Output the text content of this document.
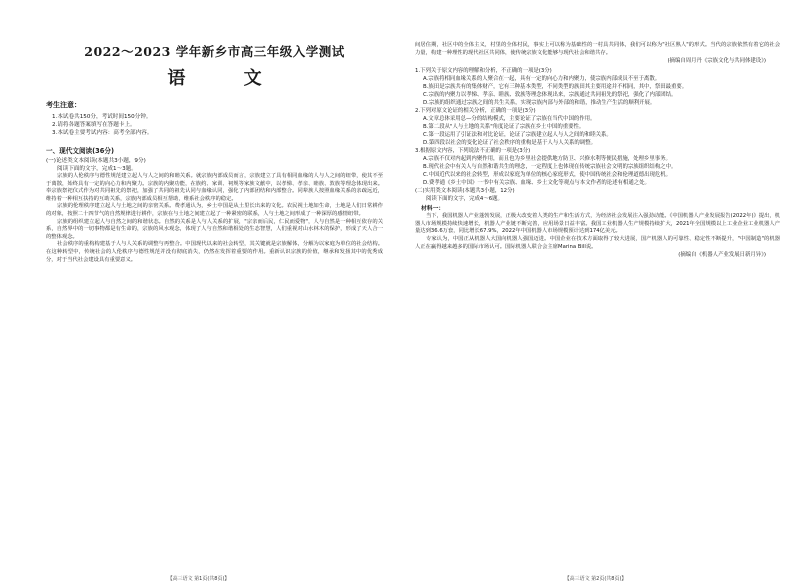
2022～2023 学年新乡市高三年级入学测试
语 文

考生注意：

1.本试卷共150分，考试时间150分钟。

2.请将各题答案填写在答题卡上。

3.本试卷主要考试内容：高考全部内容。

一、现代文阅读(36分)

(一)论述类文本阅读(本题共3小题，9分)

阅读下面的文字，完成1～3题。

宗族的人伦秩序与德性规范建立起人与人之间的和睦关系。就宗族内部成员而言，宗族建立了具有相同血缘的人与人之间的纽带，使其不至于离散，始终具有一定的向心力和内聚力。宗族的内聚功能，在族约、家训、祠规等家族文献中，以孝悌、孝亲、睦族、敦族等理念体现出来。奉宗族祭祀仪式作为对共同祖先的祭祀，加强了共同的祖先认同与血缘认同，强化了内部团结和内部整合。同辈族人按照血缘关系的亲疏远近，维持着一种相互扶持的互助关系，宗族内部成员相互帮助，维系社会秩序的稳定。

宗族的伦理秩序建立起人与土地之间的亲密关系。费孝通认为，乡土中国是从土里长出来的文化。农民视土地如生命，土地是人们日常耕作的对象，按照二十四节气的自然规律进行耕作，宗族在与土地之间建立起了一种紧密的联系，人与土地之间形成了一种深厚的感情纽带。

宗族的组织建立起人与自然之间的和谐状态。自然的关系是人与人关系的扩展，"宗亲而后民，仁民而爱物"，人与自然是一种相互依存的关系，自然界中的一切事物都是有生命的，宗族的风水观念，体现了人与自然和谐相处的生态智慧，人们重视对山水林木的保护，形成了天人合一的整体观念。

社会秩序的重构构建基于人与人关系的调整与再整合。中国现代以来的社会转型，其关键就是宗族解体，分解为以家庭为单位的社会结构。在这种转型中，传统社会的人伦秩序与德性规范并没有彻底消失，仍然在发挥着重要的作用。重新认识宗族的价值，继承和发扬其中的优秀成分，对于当代社会建设具有重要意义。

【高三语文 第1页(共8页)】

间居住期，社区中的全体主义，村里的全体村民，事实上可以称为基础性的一村具共同体，我们可以称为"社区熟人"的形式。当代的宗族依然有着它的社会力量，构建一种理性的现代社区共同体，使传统宗族文化能够与现代社会和谐共存。

(摘编自周月丹《宗族文化与共同体建设》)

1.下列关于原文内容的理解和分析，不正确的一项是(3分)

A.宗族将相同血缘关系的人聚合在一起，具有一定的向心力和内聚力，使宗族内部成员不至于离散。

B.族田是宗族共有的集体财产，它有三种基本类型，不同类型的族田其主要用途并不相同，其中，祭田最重要。

C.宗族的内聚力以孝悌、孝亲、睦族、敦族等理念体现出来，宗族通过共同祖先的祭祀，强化了内部团结。

D.宗族的组织通过宗族之间的共生关系，实现宗族内部与外部的和谐，推动生产生活的顺利开展。

2.下列对原文论证的相关分析，正确的一项是(3分)

A.文章总体采用总—分的结构模式，主要论证了宗族在当代中国的作用。

B.第二段从"人与土地的关系"角度论证了宗族在乡土中国的重要性。

C.第一段运用了引证法和对比论证，论证了宗族建立起人与人之间的和睦关系。

D.第四段以社会的变化论证了社会秩序的重构是基于人与人关系的调整。

3.根据原文内容，下列说法不正确的一项是(3分)

A.宗族不仅对内起到内聚作用，而且也为乡里社会提供地方防卫、兴修水利等便民措施，处理乡里事务。

B.现代社会中有关人与自然和谐共生的理念，一定程度上也体现在传统宗族社会文明的宗族组织结构之中。

C.中国近代以来的社会转型，形成以家庭为单位的核心家庭形式，使中国传统社会和伦理道德出现危机。

D.费孝通《乡土中国》一书中有关宗族、血缘、乡土文化等观点与本文作者的论述有相通之处。

(二)实用类文本阅读(本题共3小题，12分)

阅读下面的文字，完成4～6题。

材料一：

当下，我国机器人产业蓬勃发展，正极大改变着人类的生产和生活方式，为经济社会发展注入强劲动能。《中国机器人产业发展报告(2022年)》提出，机器人市场规模持续快速增长，机器人产业链不断完善，应用场景日益丰富。我国工业机器人生产规模持续扩大，2021年全国规模以上工业企业工业机器人产量达到36.6万套，同比增长67.9%，2022年中国机器人市场规模预计达到174亿美元。

专家认为，中国正从机器人大国向机器人强国迈进。中国企业在技术方面取得了较大进展，国产机器人的可靠性、稳定性不断提升，"中国制造"的机器人正在赢得越来越多的国际市场认可。国际机器人联合会主席Marina Bill说。

(摘编自《机器人产业发展日新月异》)

【高三语文 第2页(共8页)】
